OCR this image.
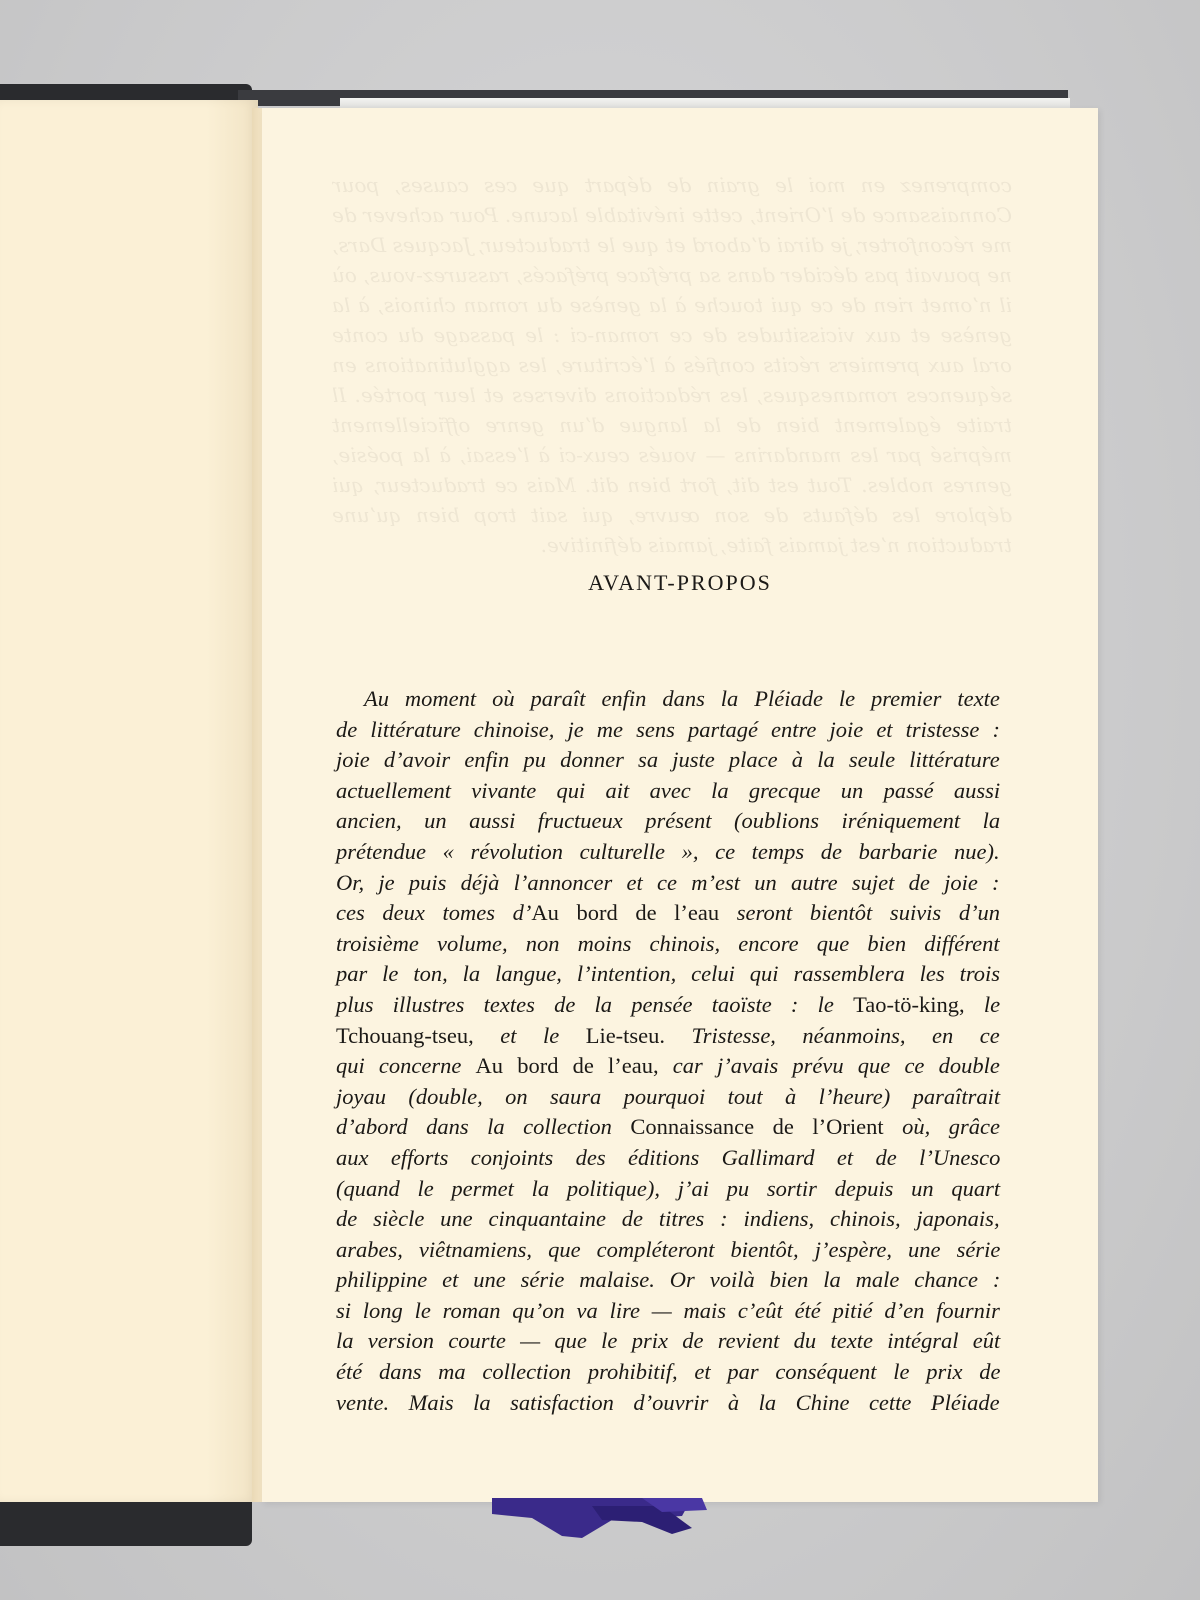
comprenez en moi le grain de départ que ces causes, pour Connaissance de l’Orient, cette inévitable lacune. Pour achever de me réconforter, je dirai d’abord et que le traducteur, Jacques Dars, ne pouvait pas décider dans sa préface préfacés, rassurez-vous, où il n’omet rien de ce qui touche à la genèse du roman chinois, à la genèse et aux vicissitudes de ce roman-ci : le passage du conte oral aux premiers récits confiés à l’écriture, les agglutinations en séquences romanesques, les rédactions diverses et leur portée. Il traite également bien de la langue d’un genre officiellement méprisé par les mandarins — voués ceux-ci à l’essai, à la poésie, genres nobles. Tout est dit, fort bien dit. Mais ce traducteur, qui déplore les défauts de son œuvre, qui sait trop bien qu’une traduction n’est jamais faite, jamais définitive.
AVANT-PROPOS
Au moment où paraît enfin dans la Pléiade le premier texte
de littérature chinoise, je me sens partagé entre joie et tristesse :
joie d’avoir enfin pu donner sa juste place à la seule littérature
actuellement vivante qui ait avec la grecque un passé aussi
ancien, un aussi fructueux présent (oublions iréniquement la
prétendue « révolution culturelle », ce temps de barbarie nue).
Or, je puis déjà l’annoncer et ce m’est un autre sujet de joie :
ces deux tomes d’Au bord de l’eau seront bientôt suivis d’un
troisième volume, non moins chinois, encore que bien différent
par le ton, la langue, l’intention, celui qui rassemblera les trois
plus illustres textes de la pensée taoïste : le Tao-tö-king, le
Tchouang-tseu, et le Lie-tseu. Tristesse, néanmoins, en ce
qui concerne Au bord de l’eau, car j’avais prévu que ce double
joyau (double, on saura pourquoi tout à l’heure) paraîtrait
d’abord dans la collection Connaissance de l’Orient où, grâce
aux efforts conjoints des éditions Gallimard et de l’Unesco
(quand le permet la politique), j’ai pu sortir depuis un quart
de siècle une cinquantaine de titres : indiens, chinois, japonais,
arabes, viêtnamiens, que compléteront bientôt, j’espère, une série
philippine et une série malaise. Or voilà bien la male chance :
si long le roman qu’on va lire — mais c’eût été pitié d’en fournir
la version courte — que le prix de revient du texte intégral eût
été dans ma collection prohibitif, et par conséquent le prix de
vente. Mais la satisfaction d’ouvrir à la Chine cette Pléiade
